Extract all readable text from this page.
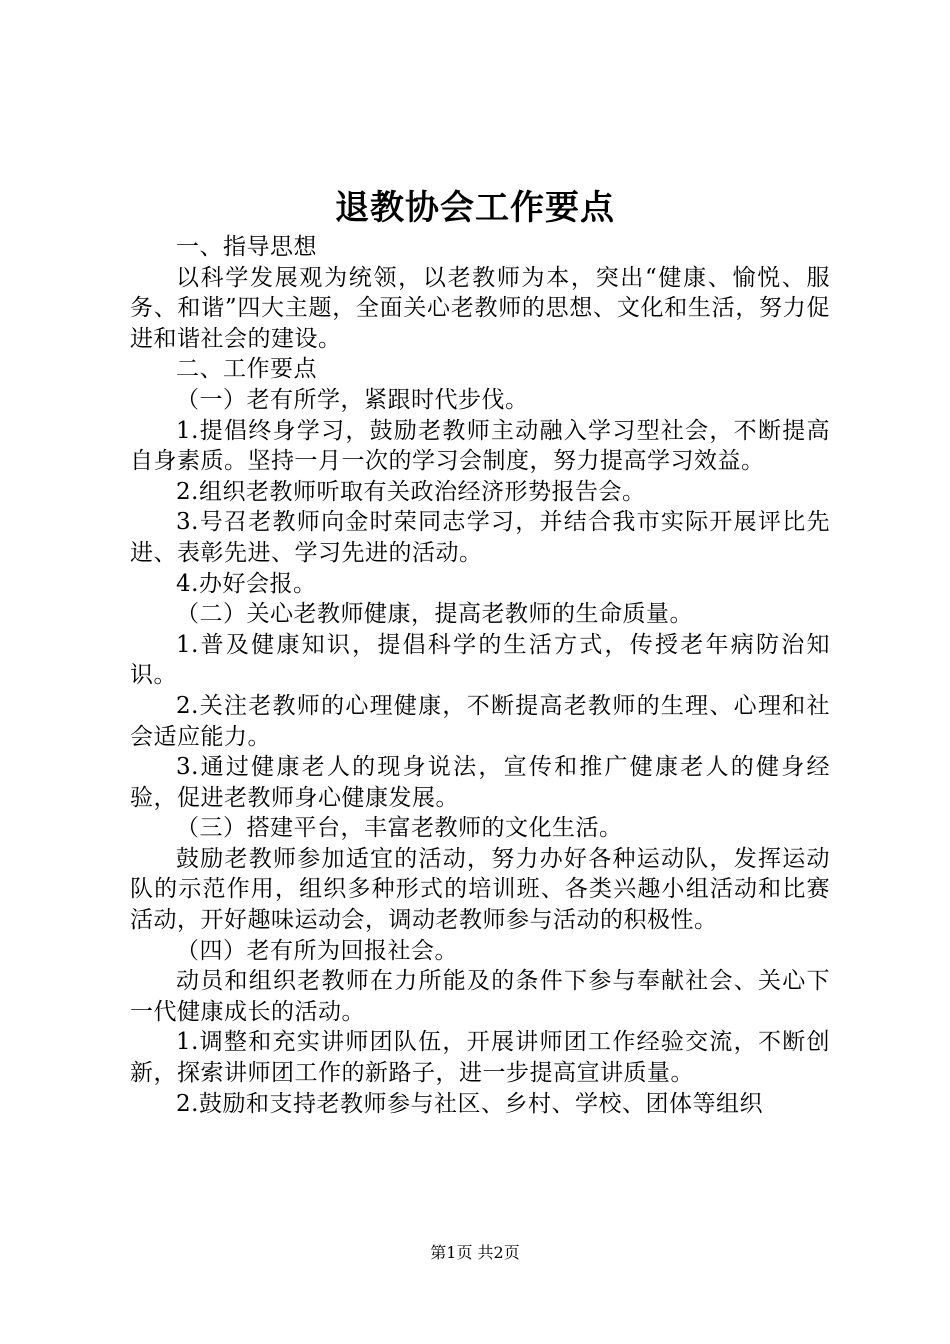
退教协会工作要点

一、指导思想

以科学发展观为统领，以老教师为本，突出“健康、愉悦、服务、和谐”四大主题，全面关心老教师的思想、文化和生活，努力促进和谐社会的建设。

二、工作要点

（一）老有所学，紧跟时代步伐。

1.提倡终身学习，鼓励老教师主动融入学习型社会，不断提高自身素质。坚持一月一次的学习会制度，努力提高学习效益。

2.组织老教师听取有关政治经济形势报告会。

3.号召老教师向金时荣同志学习，并结合我市实际开展评比先进、表彰先进、学习先进的活动。

4.办好会报。

（二）关心老教师健康，提高老教师的生命质量。

1.普及健康知识，提倡科学的生活方式，传授老年病防治知识。

2.关注老教师的心理健康，不断提高老教师的生理、心理和社会适应能力。

3.通过健康老人的现身说法，宣传和推广健康老人的健身经验，促进老教师身心健康发展。

（三）搭建平台，丰富老教师的文化生活。

鼓励老教师参加适宜的活动，努力办好各种运动队，发挥运动队的示范作用，组织多种形式的培训班、各类兴趣小组活动和比赛活动，开好趣味运动会，调动老教师参与活动的积极性。

（四）老有所为回报社会。

动员和组织老教师在力所能及的条件下参与奉献社会、关心下一代健康成长的活动。

1.调整和充实讲师团队伍，开展讲师团工作经验交流，不断创新，探索讲师团工作的新路子，进一步提高宣讲质量。

2.鼓励和支持老教师参与社区、乡村、学校、团体等组织

第1页 共2页
